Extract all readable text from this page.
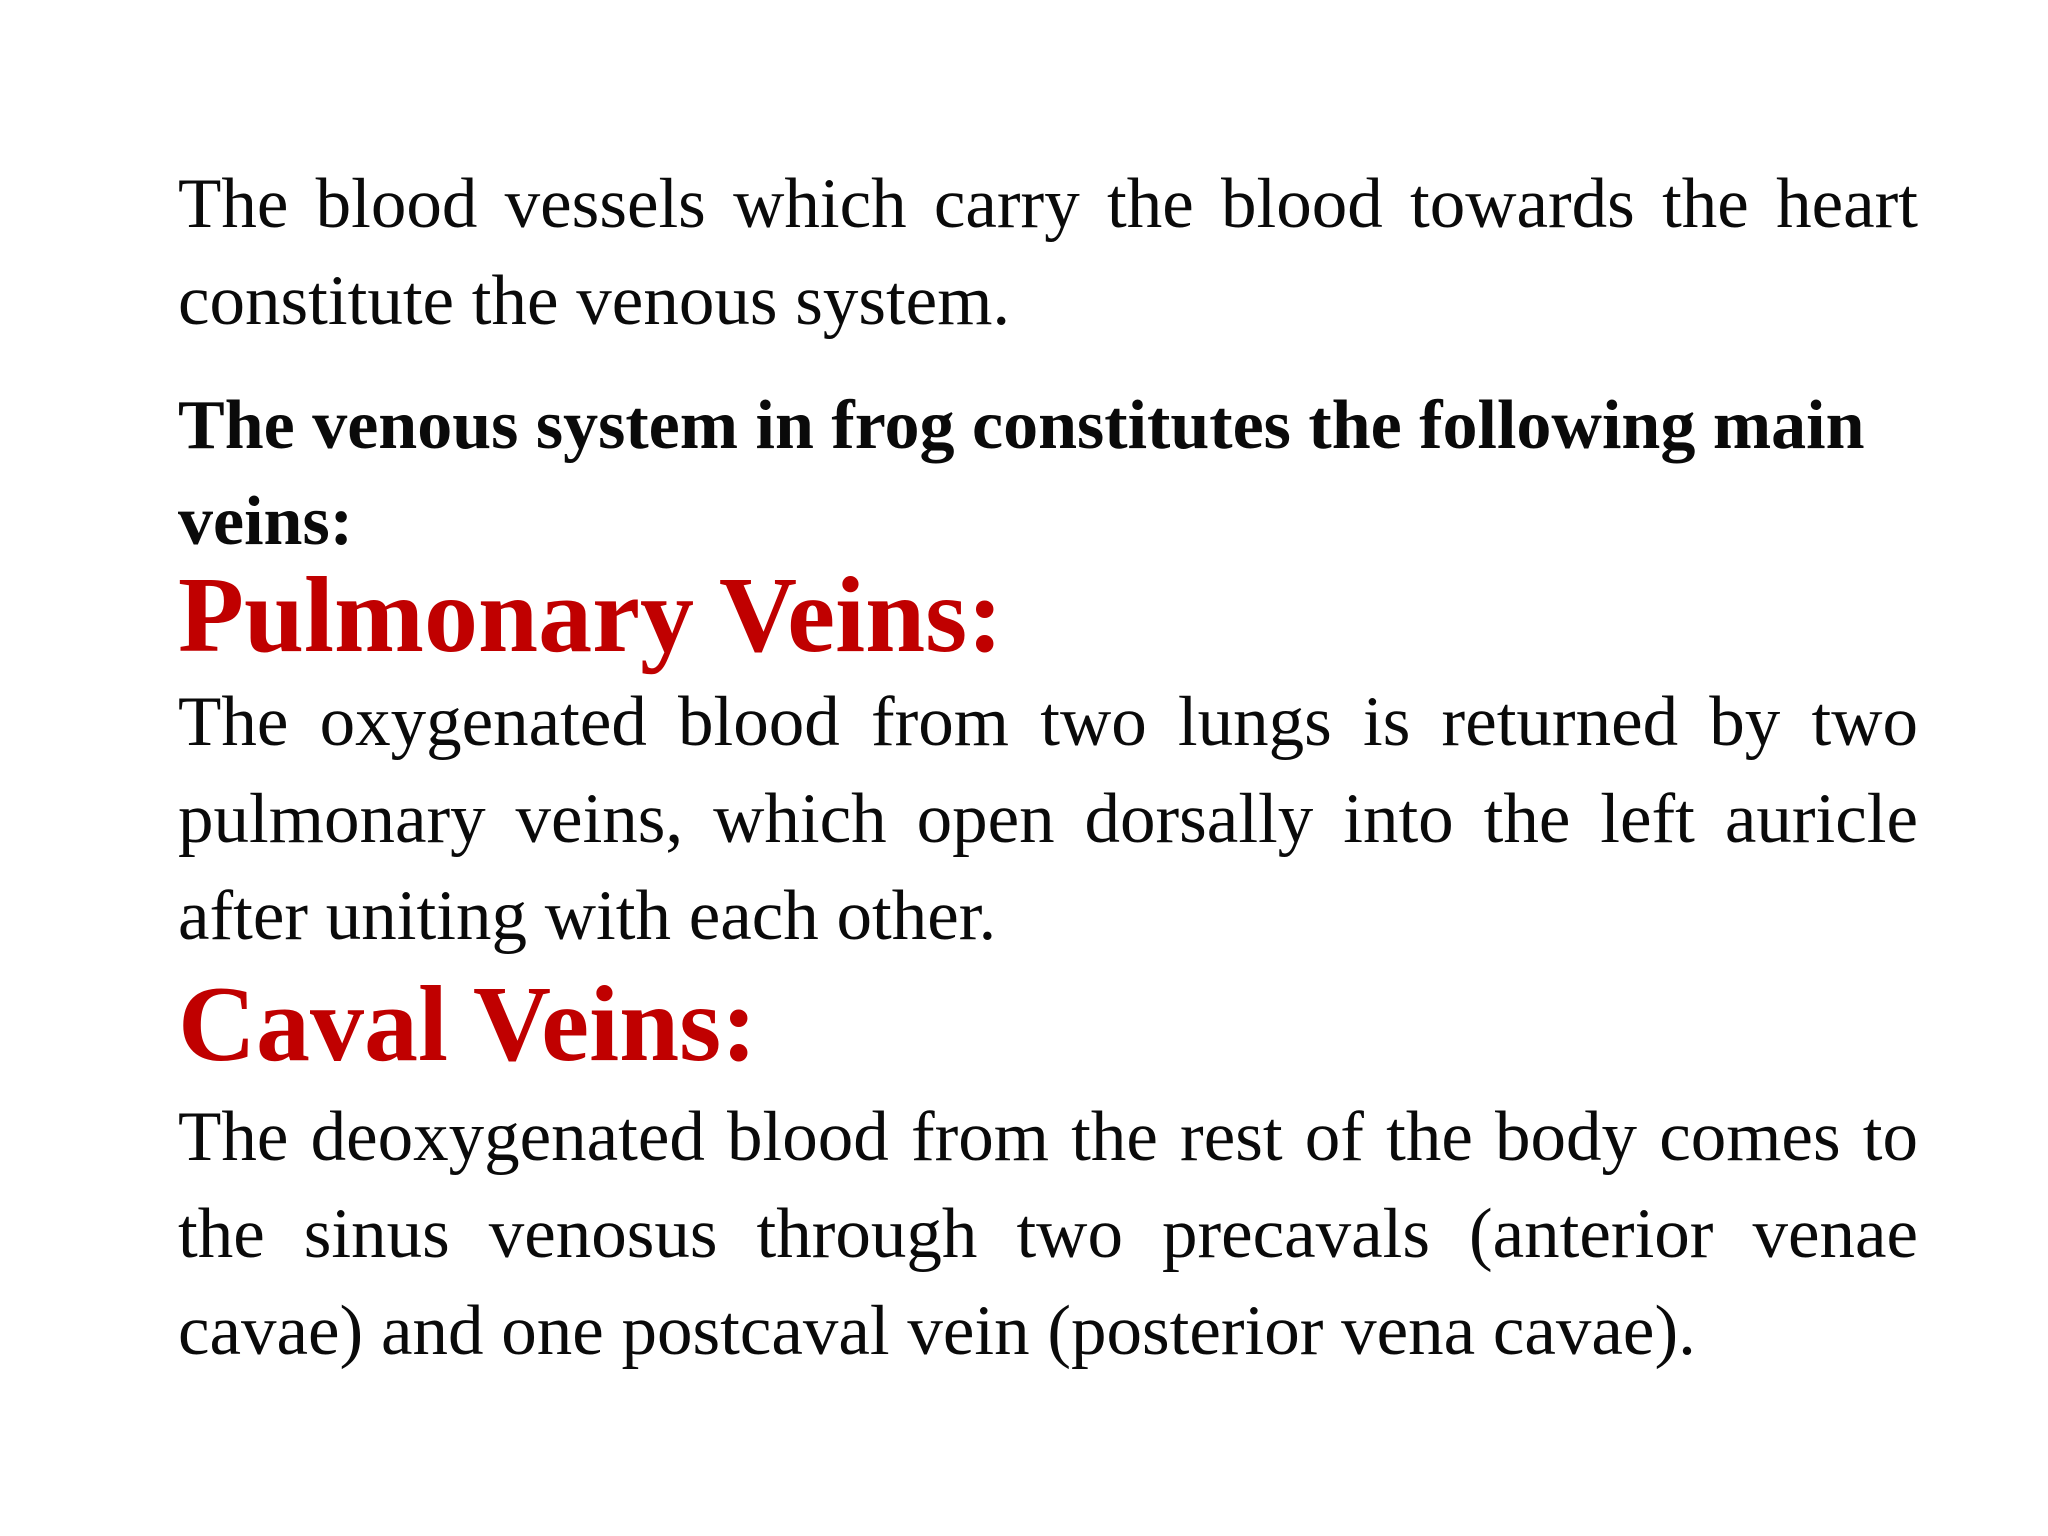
The blood vessels which carry the blood towards the heart constitute the venous system.

The venous system in frog constitutes the following main veins:

Pulmonary Veins:

The oxygenated blood from two lungs is returned by two pulmonary veins, which open dorsally into the left auricle after uniting with each other.

Caval Veins:

The deoxygenated blood from the rest of the body comes to the sinus venosus through two precavals (anterior venae cavae) and one postcaval vein (posterior vena cavae).
